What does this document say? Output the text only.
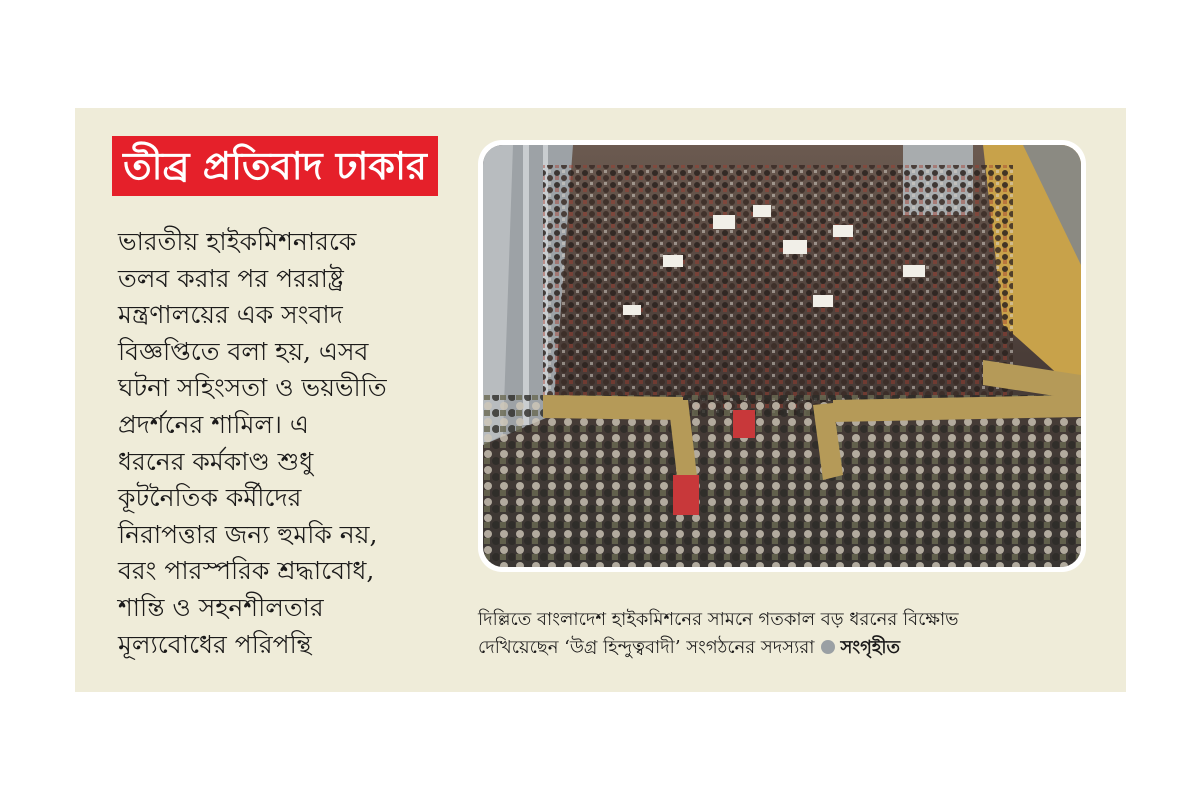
তীব্র প্রতিবাদ ঢাকার
ভারতীয় হাইকমিশনারকে
তলব করার পর পররাষ্ট্র
মন্ত্রণালয়ের এক সংবাদ
বিজ্ঞপ্তিতে বলা হয়, এসব
ঘটনা সহিংসতা ও ভয়ভীতি
প্রদর্শনের শামিল। এ
ধরনের কর্মকাণ্ড শুধু
কূটনৈতিক কর্মীদের
নিরাপত্তার জন্য হুমকি নয়,
বরং পারস্পরিক শ্রদ্ধাবোধ,
শান্তি ও সহনশীলতার
মূল্যবোধের পরিপন্থি
দিল্লিতে বাংলাদেশ হাইকমিশনের সামনে গতকাল বড় ধরনের বিক্ষোভ
দেখিয়েছেন ‘উগ্র হিন্দুত্ববাদী’ সংগঠনের সদস্যরা সংগৃহীত
